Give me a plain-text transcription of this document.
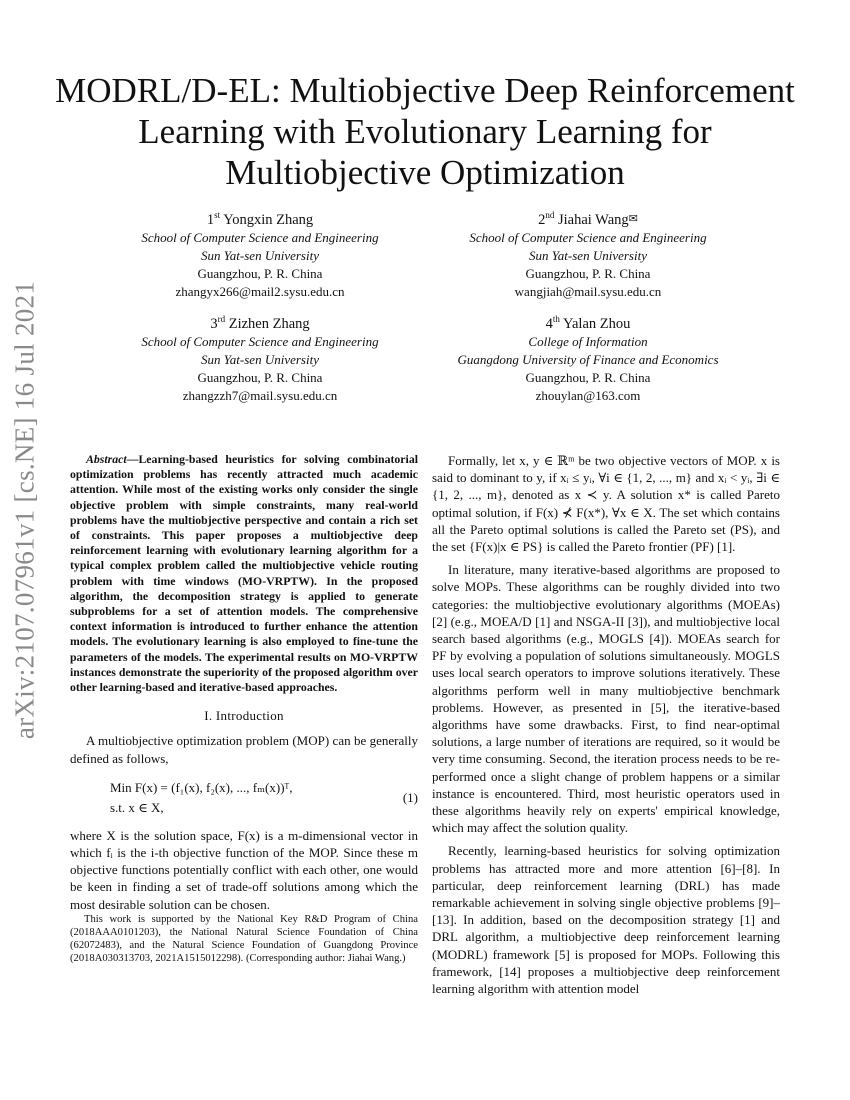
arXiv:2107.07961v1 [cs.NE] 16 Jul 2021
MODRL/D-EL: Multiobjective Deep Reinforcement Learning with Evolutionary Learning for Multiobjective Optimization
1st Yongxin Zhang
School of Computer Science and Engineering
Sun Yat-sen University
Guangzhou, P. R. China
zhangyx266@mail2.sysu.edu.cn
2nd Jiahai Wang✉
School of Computer Science and Engineering
Sun Yat-sen University
Guangzhou, P. R. China
wangjiah@mail.sysu.edu.cn
3rd Zizhen Zhang
School of Computer Science and Engineering
Sun Yat-sen University
Guangzhou, P. R. China
zhangzzh7@mail.sysu.edu.cn
4th Yalan Zhou
College of Information
Guangdong University of Finance and Economics
Guangzhou, P. R. China
zhouylan@163.com

Abstract—Learning-based heuristics for solving combinatorial optimization problems has recently attracted much academic attention. While most of the existing works only consider the single objective problem with simple constraints, many real-world problems have the multiobjective perspective and contain a rich set of constraints. This paper proposes a multiobjective deep reinforcement learning with evolutionary learning algorithm for a typical complex problem called the multiobjective vehicle routing problem with time windows (MO-VRPTW). In the proposed algorithm, the decomposition strategy is applied to generate subproblems for a set of attention models. The comprehensive context information is introduced to further enhance the attention models. The evolutionary learning is also employed to fine-tune the parameters of the models. The experimental results on MO-VRPTW instances demonstrate the superiority of the proposed algorithm over other learning-based and iterative-based approaches.

I. Introduction

A multiobjective optimization problem (MOP) can be generally defined as follows,

Min F(x) = (f₁(x), f₂(x), ..., fₘ(x))ᵀ,
s.t. x ∈ X,
(1)

where X is the solution space, F(x) is a m-dimensional vector in which fᵢ is the i-th objective function of the MOP. Since these m objective functions potentially conflict with each other, one would be keen in finding a set of trade-off solutions among which the most desirable solution can be chosen.

This work is supported by the National Key R&D Program of China (2018AAA0101203), the National Natural Science Foundation of China (62072483), and the Natural Science Foundation of Guangdong Province (2018A030313703, 2021A1515012298). (Corresponding author: Jiahai Wang.)

Formally, let x, y ∈ ℝᵐ be two objective vectors of MOP. x is said to dominant to y, if xᵢ ≤ yᵢ, ∀i ∈ {1, 2, ..., m} and xᵢ < yᵢ, ∃i ∈ {1, 2, ..., m}, denoted as x ≺ y. A solution x* is called Pareto optimal solution, if F(x) ⊀ F(x*), ∀x ∈ X. The set which contains all the Pareto optimal solutions is called the Pareto set (PS), and the set {F(x)|x ∈ PS} is called the Pareto frontier (PF) [1].

In literature, many iterative-based algorithms are proposed to solve MOPs. These algorithms can be roughly divided into two categories: the multiobjective evolutionary algorithms (MOEAs) [2] (e.g., MOEA/D [1] and NSGA-II [3]), and multiobjective local search based algorithms (e.g., MOGLS [4]). MOEAs search for PF by evolving a population of solutions simultaneously. MOGLS uses local search operators to improve solutions iteratively. These algorithms perform well in many multiobjective benchmark problems. However, as presented in [5], the iterative-based algorithms have some drawbacks. First, to find near-optimal solutions, a large number of iterations are required, so it would be very time consuming. Second, the iteration process needs to be re-performed once a slight change of problem happens or a similar instance is encountered. Third, most heuristic operators used in these algorithms heavily rely on experts' empirical knowledge, which may affect the solution quality.

Recently, learning-based heuristics for solving optimization problems has attracted more and more attention [6]–[8]. In particular, deep reinforcement learning (DRL) has made remarkable achievement in solving single objective problems [9]–[13]. In addition, based on the decomposition strategy [1] and DRL algorithm, a multiobjective deep reinforcement learning (MODRL) framework [5] is proposed for MOPs. Following this framework, [14] proposes a multiobjective deep reinforcement learning algorithm with attention model
